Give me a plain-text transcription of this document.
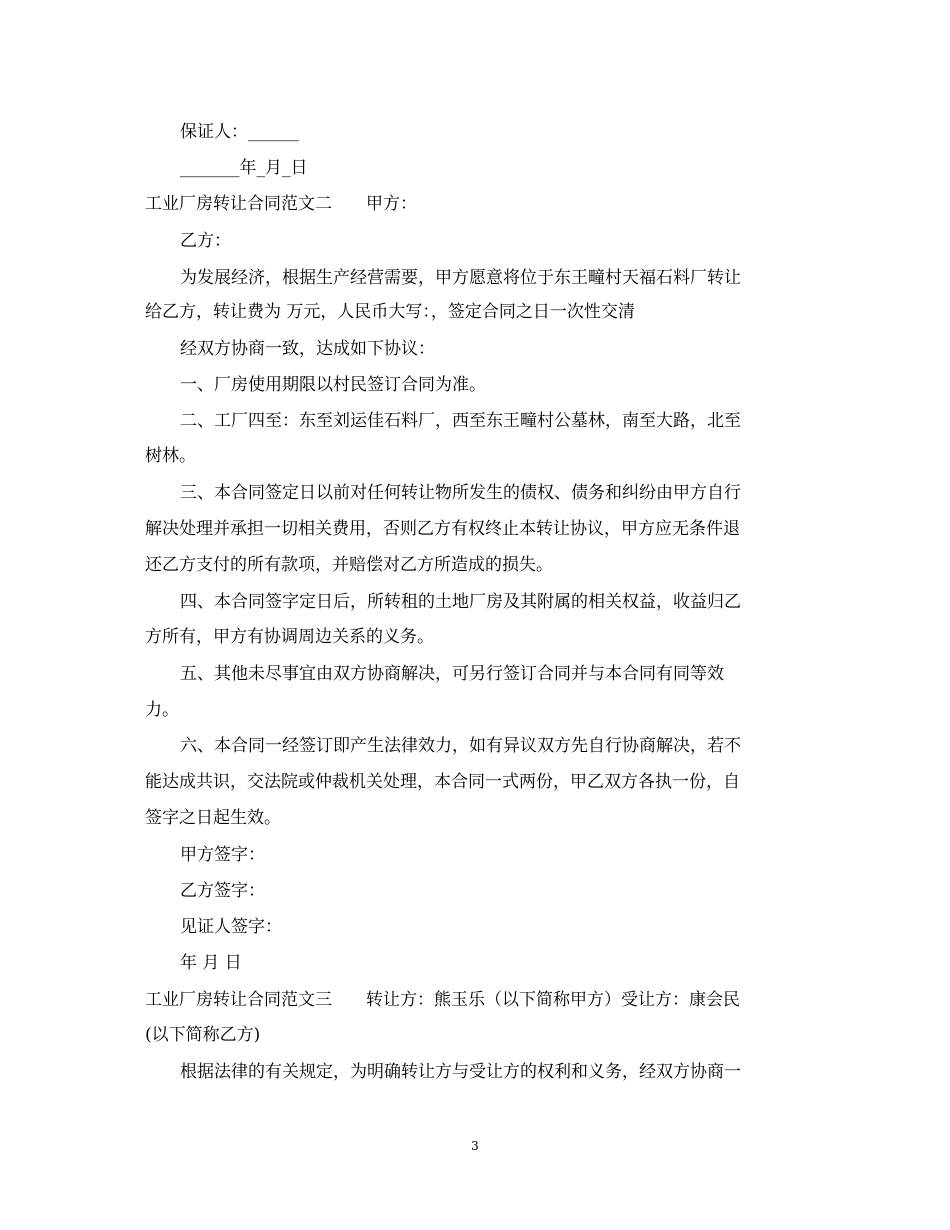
保证人：______
_______年_月_日
工业厂房转让合同范文二 甲方：
乙方：
为发展经济，根据生产经营需要，甲方愿意将位于东王疃村天福石料厂转让
给乙方，转让费为 万元，人民币大写：，签定合同之日一次性交清
经双方协商一致，达成如下协议：
一、厂房使用期限以村民签订合同为准。
二、工厂四至：东至刘运佳石料厂，西至东王疃村公墓林，南至大路，北至
树林。
三、本合同签定日以前对任何转让物所发生的债权、债务和纠纷由甲方自行
解决处理并承担一切相关费用，否则乙方有权终止本转让协议，甲方应无条件退
还乙方支付的所有款项，并赔偿对乙方所造成的损失。
四、本合同签字定日后，所转租的土地厂房及其附属的相关权益，收益归乙
方所有，甲方有协调周边关系的义务。
五、其他未尽事宜由双方协商解决，可另行签订合同并与本合同有同等效
力。
六、本合同一经签订即产生法律效力，如有异议双方先自行协商解决，若不
能达成共识，交法院或仲裁机关处理，本合同一式两份，甲乙双方各执一份，自
签字之日起生效。
甲方签字：
乙方签字：
见证人签字：
年 月 日
工业厂房转让合同范文三 转让方：熊玉乐（以下简称甲方）受让方：康会民
(以下简称乙方)
根据法律的有关规定，为明确转让方与受让方的权利和义务，经双方协商一
3
